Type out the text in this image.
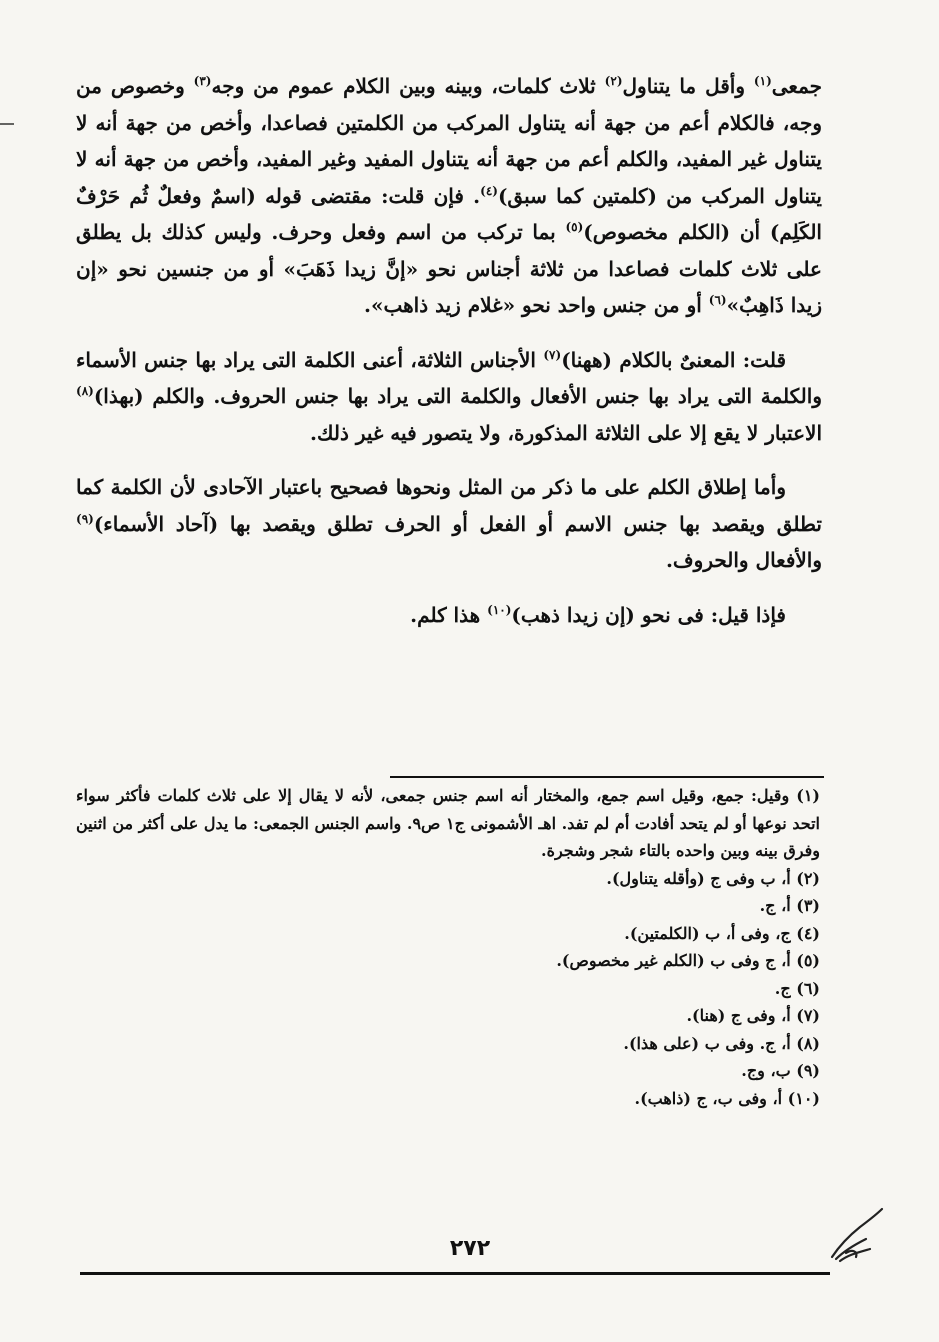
جمعى$^{(١)}$ وأقل ما يتناول$^{(٢)}$ ثلاث كلمات، وبينه وبين الكلام عموم من وجه$^{(٣)}$ وخصوص من وجه، فالكلام أعم من جهة أنه يتناول المركب من الكلمتين فصاعدا، وأخص من جهة أنه لا يتناول غير المفيد، والكلم أعم من جهة أنه يتناول المفيد وغير المفيد، وأخص من جهة أنه لا يتناول المركب من (كلمتين كما سبق)$^{(٤)}$. فإن قلت: مقتضى قوله (اسمٌ وفعلٌ ثُم حَرْفٌ الكَلِم) أن (الكلم مخصوص)$^{(٥)}$ بما تركب من اسم وفعل وحرف. وليس كذلك بل يطلق على ثلاث كلمات فصاعدا من ثلاثة أجناس نحو «إنَّ زيدا ذَهَبَ» أو من جنسين نحو «إن زيدا ذَاهِبٌ»$^{(٦)}$ أو من جنس واحد نحو «غلام زيد ذاهب».

قلت: المعنىٌ بالكلام (ههنا)$^{(٧)}$ الأجناس الثلاثة، أعنى الكلمة التى يراد بها جنس الأسماء والكلمة التى يراد بها جنس الأفعال والكلمة التى يراد بها جنس الحروف. والكلم (بهذا)$^{(٨)}$ الاعتبار لا يقع إلا على الثلاثة المذكورة، ولا يتصور فيه غير ذلك.

وأما إطلاق الكلم على ما ذكر من المثل ونحوها فصحيح باعتبار الآحادى لأن الكلمة كما تطلق ويقصد بها جنس الاسم أو الفعل أو الحرف تطلق ويقصد بها (آحاد الأسماء)$^{(٩)}$ والأفعال والحروف.

فإذا قيل: فى نحو (إن زيدا ذهب)$^{(١٠)}$ هذا كلم.

(١) وقيل: جمع، وقيل اسم جمع، والمختار أنه اسم جنس جمعى، لأنه لا يقال إلا على ثلاث كلمات فأكثر سواء اتحد نوعها أو لم يتحد أفادت أم لم تفد. اهـ الأشمونى ج١ ص٩. واسم الجنس الجمعى: ما يدل على أكثر من اثنين وفرق بينه وبين واحده بالتاء شجر وشجرة.

(٢) أ، ب وفى ج (وأقله يتناول).

(٣) أ، ج.

(٤) ج، وفى أ، ب (الكلمتين).

(٥) أ، ج وفى ب (الكلم غير مخصوص).

(٦) ج.

(٧) أ، وفى ج (هنا).

(٨) أ، ج. وفى ب (على هذا).

(٩) ب، وج.

(١٠) أ، وفى ب، ج (ذاهب).

٢٧٢
